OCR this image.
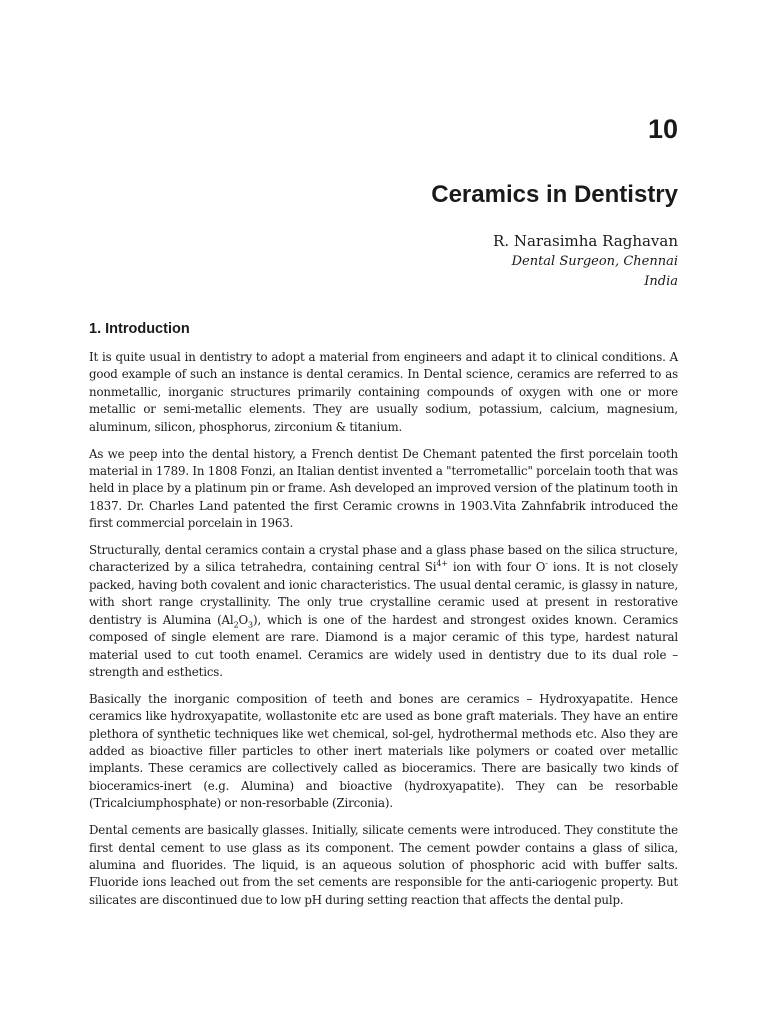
10
Ceramics in Dentistry
R. Narasimha Raghavan
Dental Surgeon, Chennai
India
1. Introduction

It is quite usual in dentistry to adopt a material from engineers and adapt it to clinical conditions. A good example of such an instance is dental ceramics. In Dental science, ceramics are referred to as nonmetallic, inorganic structures primarily containing compounds of oxygen with one or more metallic or semi-metallic elements. They are usually sodium, potassium, calcium, magnesium, aluminum, silicon, phosphorus, zirconium & titanium.

As we peep into the dental history, a French dentist De Chemant patented the first porcelain tooth material in 1789. In 1808 Fonzi, an Italian dentist invented a "terrometallic" porcelain tooth that was held in place by a platinum pin or frame. Ash developed an improved version of the platinum tooth in 1837. Dr. Charles Land patented the first Ceramic crowns in 1903.Vita Zahnfabrik introduced the first commercial porcelain in 1963.

Structurally, dental ceramics contain a crystal phase and a glass phase based on the silica structure, characterized by a silica tetrahedra, containing central $Si^{4+}$ ion with four O- ions. It is not closely packed, having both covalent and ionic characteristics. The usual dental ceramic, is glassy in nature, with short range crystallinity. The only true crystalline ceramic used at present in restorative dentistry is Alumina $(Al_2O_3)$, which is one of the hardest and strongest oxides known. Ceramics composed of single element are rare. Diamond is a major ceramic of this type, hardest natural material used to cut tooth enamel. Ceramics are widely used in dentistry due to its dual role – strength and esthetics.

Basically the inorganic composition of teeth and bones are ceramics – Hydroxyapatite. Hence ceramics like hydroxyapatite, wollastonite etc are used as bone graft materials. They have an entire plethora of synthetic techniques like wet chemical, sol-gel, hydrothermal methods etc. Also they are added as bioactive filler particles to other inert materials like polymers or coated over metallic implants. These ceramics are collectively called as bioceramics. There are basically two kinds of bioceramics-inert (e.g. Alumina) and bioactive (hydroxyapatite). They can be resorbable (Tricalciumphosphate) or non-resorbable (Zirconia).

Dental cements are basically glasses. Initially, silicate cements were introduced. They constitute the first dental cement to use glass as its component. The cement powder contains a glass of silica, alumina and fluorides. The liquid, is an aqueous solution of phosphoric acid with buffer salts. Fluoride ions leached out from the set cements are responsible for the anti-cariogenic property. But silicates are discontinued due to low pH during setting reaction that affects the dental pulp.
